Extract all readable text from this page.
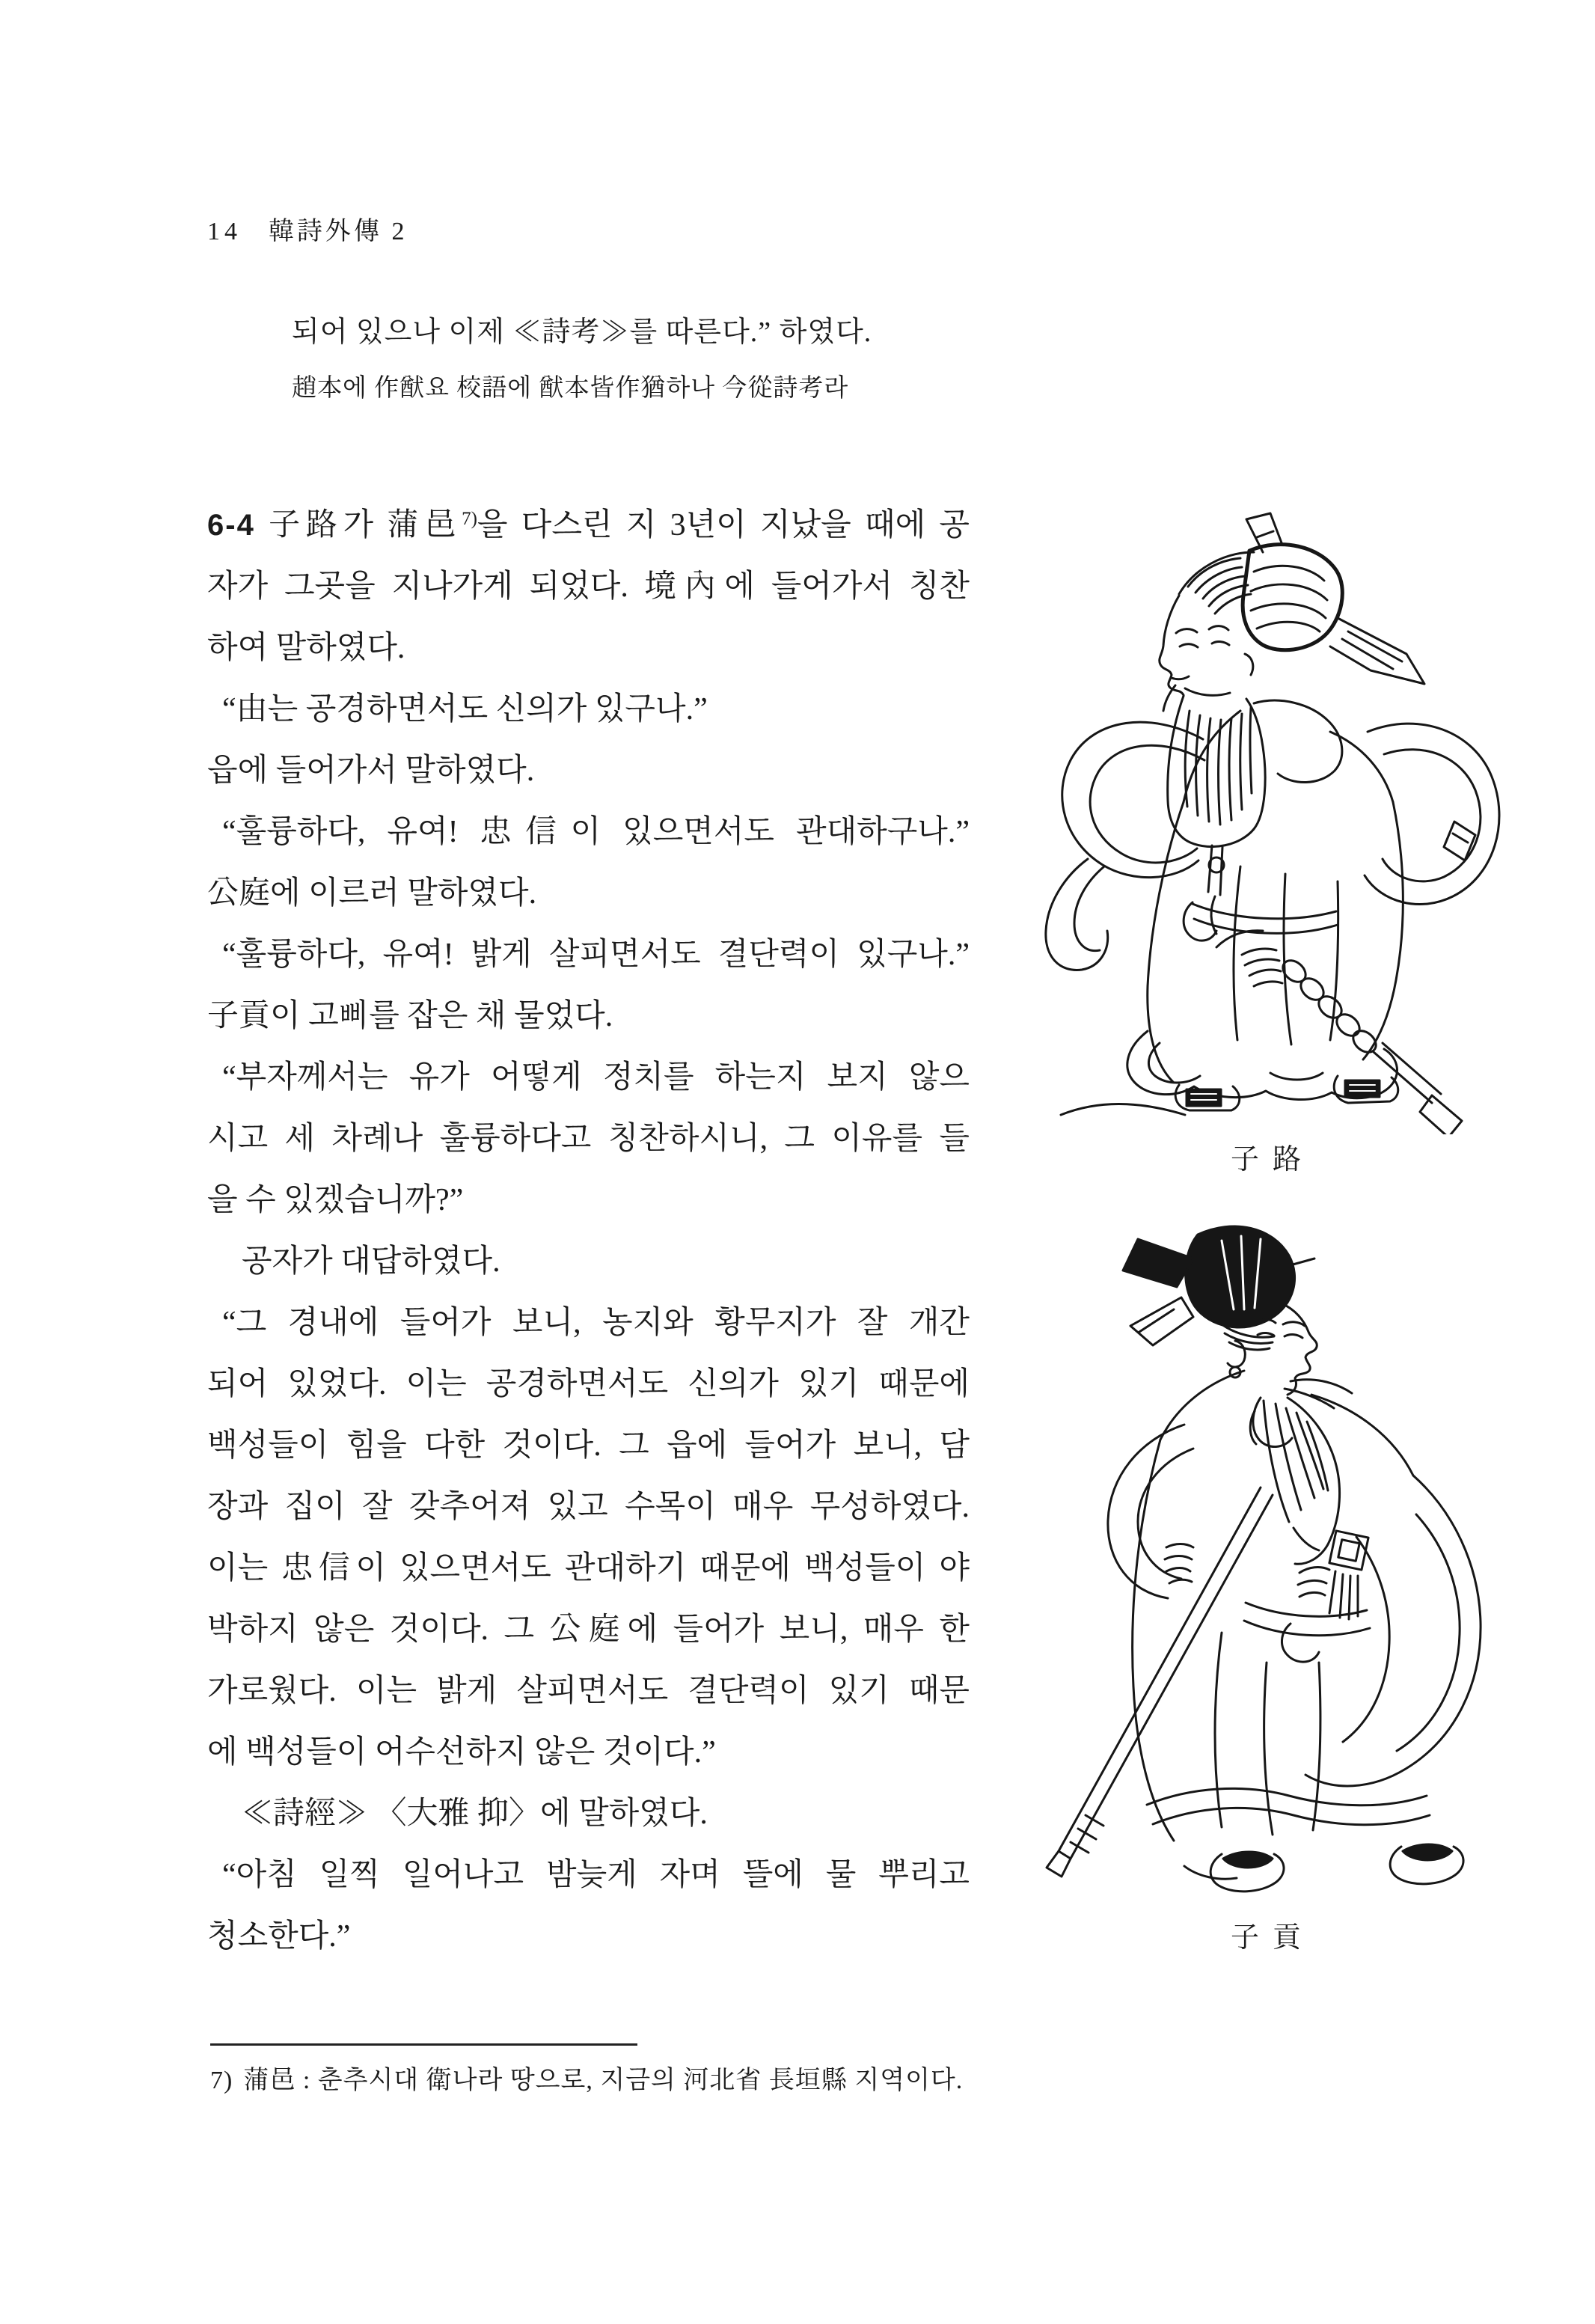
14 韓詩外傳 2
되어 있으나 이제 ≪詩考≫를 따른다.” 하였다.
趙本에 作猷요 校語에 猷本皆作猶하나 今從詩考라
6-4 子路가 蒲邑$^{7)}$을 다스린 지 3년이 지났을 때에 공
자가 그곳을 지나가게 되었다. 境內에 들어가서 칭찬
하여 말하였다.
“由는 공경하면서도 신의가 있구나.”
읍에 들어가서 말하였다.
“훌륭하다, 유여! 忠信이 있으면서도 관대하구나.”
公庭에 이르러 말하였다.
“훌륭하다, 유여! 밝게 살피면서도 결단력이 있구나.”
子貢이 고삐를 잡은 채 물었다.
“부자께서는 유가 어떻게 정치를 하는지 보지 않으
시고 세 차례나 훌륭하다고 칭찬하시니, 그 이유를 들
을 수 있겠습니까?”
공자가 대답하였다.
“그 경내에 들어가 보니, 농지와 황무지가 잘 개간
되어 있었다. 이는 공경하면서도 신의가 있기 때문에
백성들이 힘을 다한 것이다. 그 읍에 들어가 보니, 담
장과 집이 잘 갖추어져 있고 수목이 매우 무성하였다.
이는 忠信이 있으면서도 관대하기 때문에 백성들이 야
박하지 않은 것이다. 그 公庭에 들어가 보니, 매우 한
가로웠다. 이는 밝게 살피면서도 결단력이 있기 때문
에 백성들이 어수선하지 않은 것이다.”
≪詩經≫ 〈大雅 抑〉에 말하였다.
“아침 일찍 일어나고 밤늦게 자며 뜰에 물 뿌리고
청소한다.”
子路
子貢
7) 蒲邑 : 춘추시대 衛나라 땅으로, 지금의 河北省 長垣縣 지역이다.
